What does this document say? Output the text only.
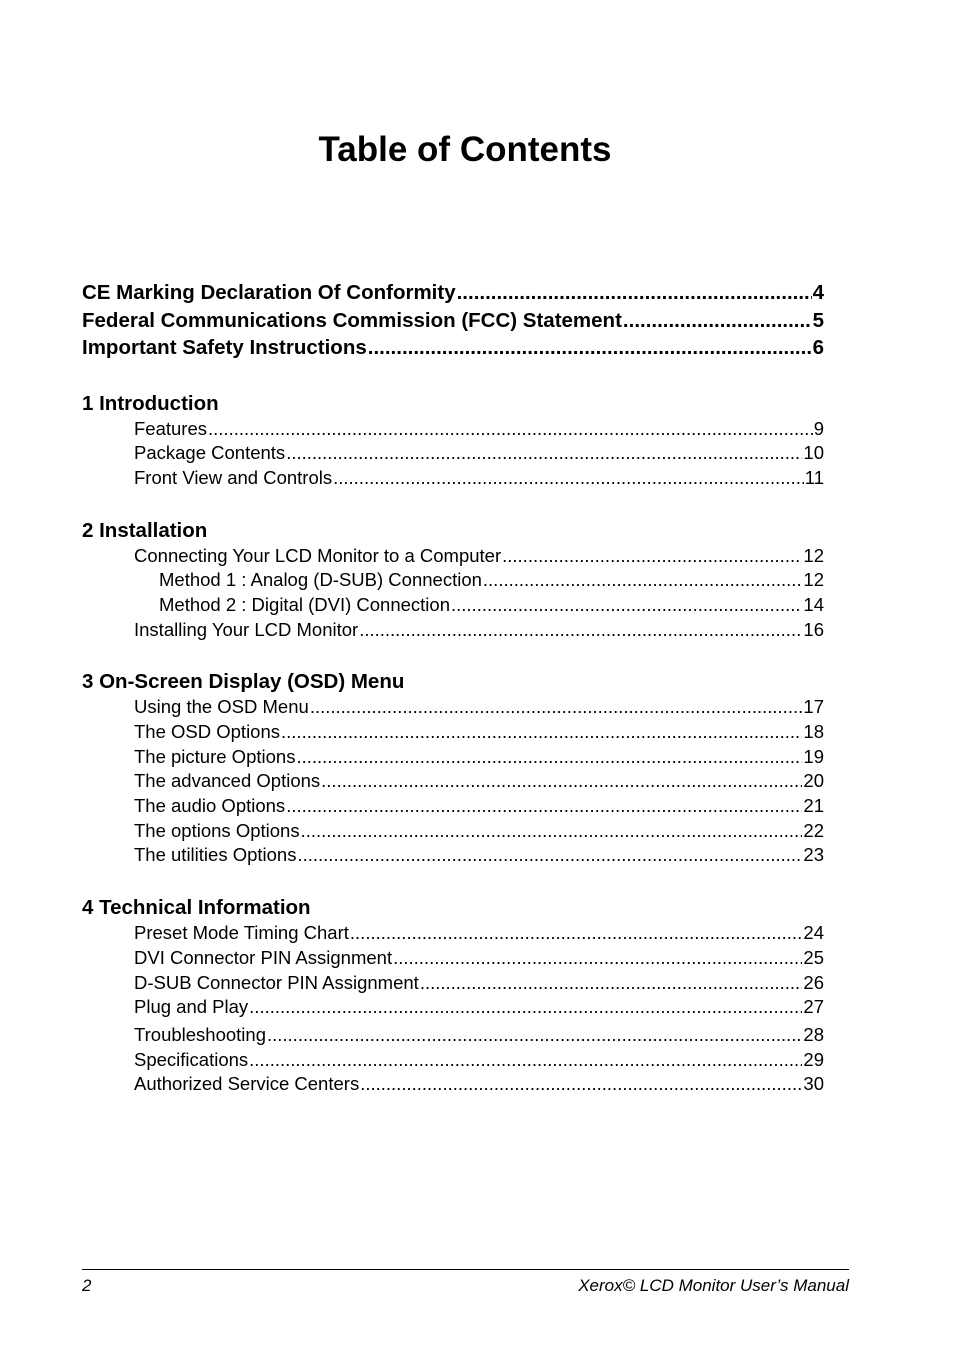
Table of Contents
CE Marking Declaration Of Conformity .....	4
Federal Communications Commission (FCC) Statement .....	5
Important Safety Instructions .....	6
1 Introduction
Features .....	9
Package Contents .....	10
Front View and Controls .....	11
2 Installation
Connecting Your LCD Monitor to a Computer .....	12
Method 1 : Analog (D-SUB) Connection .....	12
Method 2 : Digital (DVI) Connection .....	14
Installing Your LCD Monitor .....	16
3 On-Screen Display (OSD) Menu
Using the OSD Menu .....	17
The OSD Options .....	18
The picture Options .....	19
The advanced Options .....	20
The audio Options .....	21
The options Options .....	22
The utilities Options .....	23
4 Technical Information
Preset Mode Timing Chart .....	24
DVI Connector PIN Assignment .....	25
D-SUB Connector PIN Assignment .....	26
Plug and Play .....	27
Troubleshooting .....	28
Specifications .....	29
Authorized Service Centers .....	30
2	Xerox© LCD Monitor User’s Manual
